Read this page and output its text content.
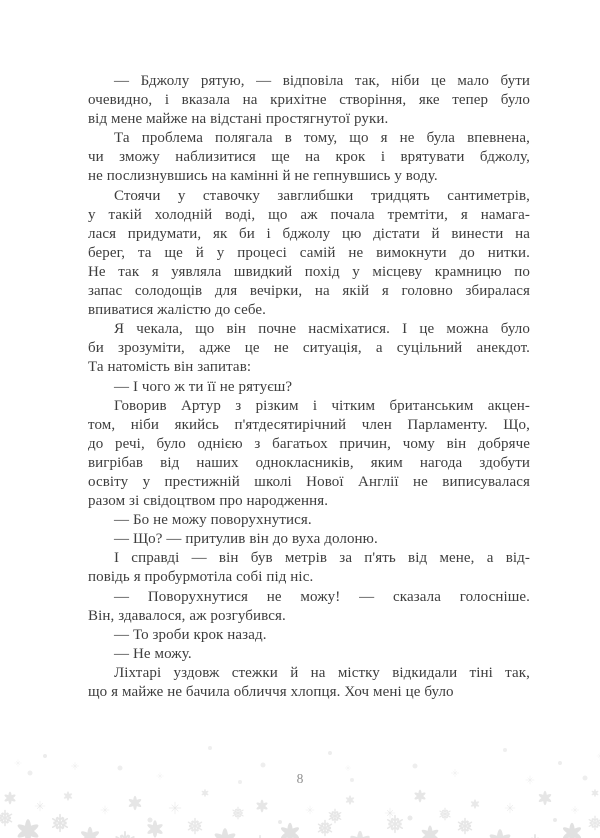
— Бджолу рятую, — відповіла так, ніби це мало бути
очевидно, і вказала на крихітне створіння, яке тепер було
від мене майже на відстані простягнутої руки.

Та проблема полягала в тому, що я не була впевнена,
чи зможу наблизитися ще на крок і врятувати бджолу,
не послизнувшись на камінні й не гепнувшись у воду.

Стоячи у ставочку завглибшки тридцять сантиметрів,
у такій холодній воді, що аж почала тремтіти, я намага-
лася придумати, як би і бджолу цю дістати й винести на
берег, та ще й у процесі самій не вимокнути до нитки.
Не так я уявляла швидкий похід у місцеву крамницю по
запас солодощів для вечірки, на якій я головно збиралася
впиватися жалістю до себе.

Я чекала, що він почне насміхатися. І це можна було
би зрозуміти, адже це не ситуація, а суцільний анекдот.
Та натомість він запитав:

— І чого ж ти її не рятуєш?

Говорив Артур з різким і чітким британським акцен-
том, ніби якийсь п'ятдесятирічний член Парламенту. Що,
до речі, було однією з багатьох причин, чому він добряче
вигрібав від наших однокласників, яким нагода здобути
освіту у престижній школі Нової Англії не виписувалася
разом зі свідоцтвом про народження.

— Бо не можу поворухнутися.

— Що? — притулив він до вуха долоню.

І справді — він був метрів за п'ять від мене, а від-
повідь я пробурмотіла собі під ніс.

— Поворухнутися не можу! — сказала голосніше.
Він, здавалося, аж розгубився.

— То зроби крок назад.

— Не можу.

Ліхтарі уздовж стежки й на містку відкидали тіні так,
що я майже не бачила обличчя хлопця. Хоч мені це було

8
